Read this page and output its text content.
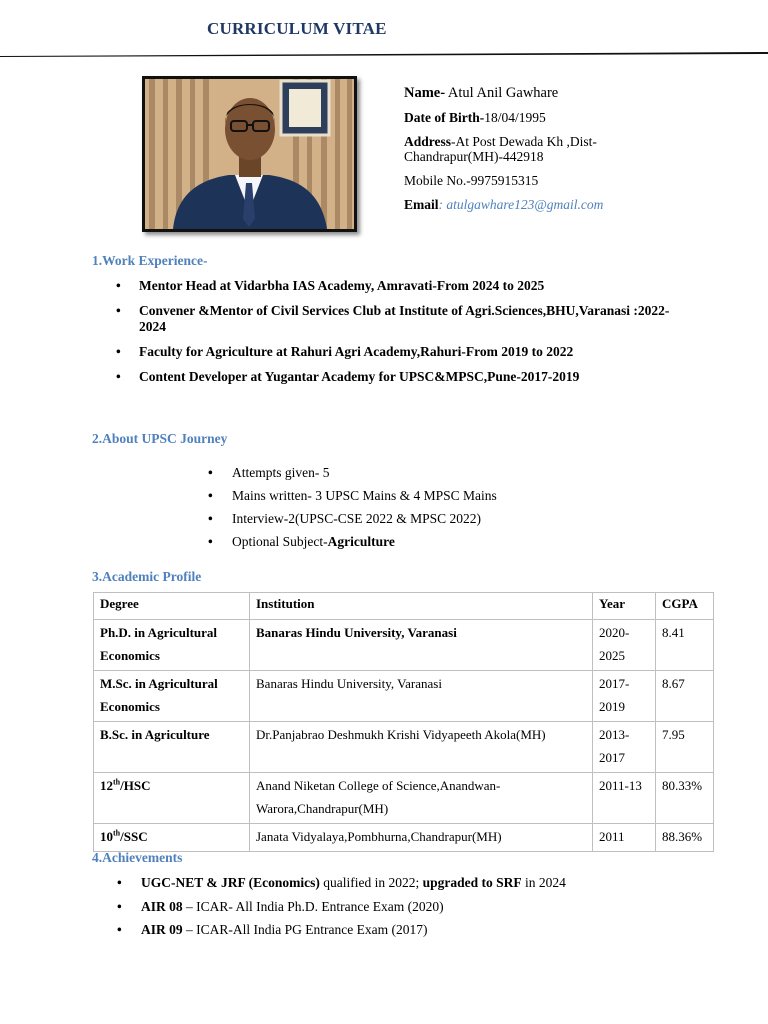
CURRICULUM VITAE
Name- Atul Anil Gawhare
Date of Birth-18/04/1995
Address-At Post Dewada Kh ,Dist-Chandrapur(MH)-442918
Mobile No.-9975915315
Email: atulgawhare123@gmail.com
1.Work Experience-
• Mentor Head at Vidarbha IAS Academy, Amravati-From 2024 to 2025
• Convener &Mentor of Civil Services Club at Institute of Agri.Sciences,BHU,Varanasi :2022-2024
• Faculty for Agriculture at Rahuri Agri Academy,Rahuri-From 2019 to 2022
• Content Developer at Yugantar Academy for UPSC&MPSC,Pune-2017-2019
2.About UPSC Journey
• Attempts given- 5
• Mains written- 3 UPSC Mains & 4 MPSC Mains
• Interview-2(UPSC-CSE 2022 & MPSC 2022)
• Optional Subject-Agriculture
3.Academic Profile
Degree	Institution	Year	CGPA
Ph.D. in Agricultural Economics	Banaras Hindu University, Varanasi	2020-2025	8.41
M.Sc. in Agricultural Economics	Banaras Hindu University, Varanasi	2017-2019	8.67
B.Sc. in Agriculture	Dr.Panjabrao Deshmukh Krishi Vidyapeeth Akola(MH)	2013-2017	7.95
12th/HSC	Anand Niketan College of Science,Anandwan-Warora,Chandrapur(MH)	2011-13	80.33%
10th/SSC	Janata Vidyalaya,Pombhurna,Chandrapur(MH)	2011	88.36%
4.Achievements
• UGC-NET & JRF (Economics) qualified in 2022; upgraded to SRF in 2024
• AIR 08 – ICAR- All India Ph.D. Entrance Exam (2020)
• AIR 09 – ICAR-All India PG Entrance Exam (2017)
